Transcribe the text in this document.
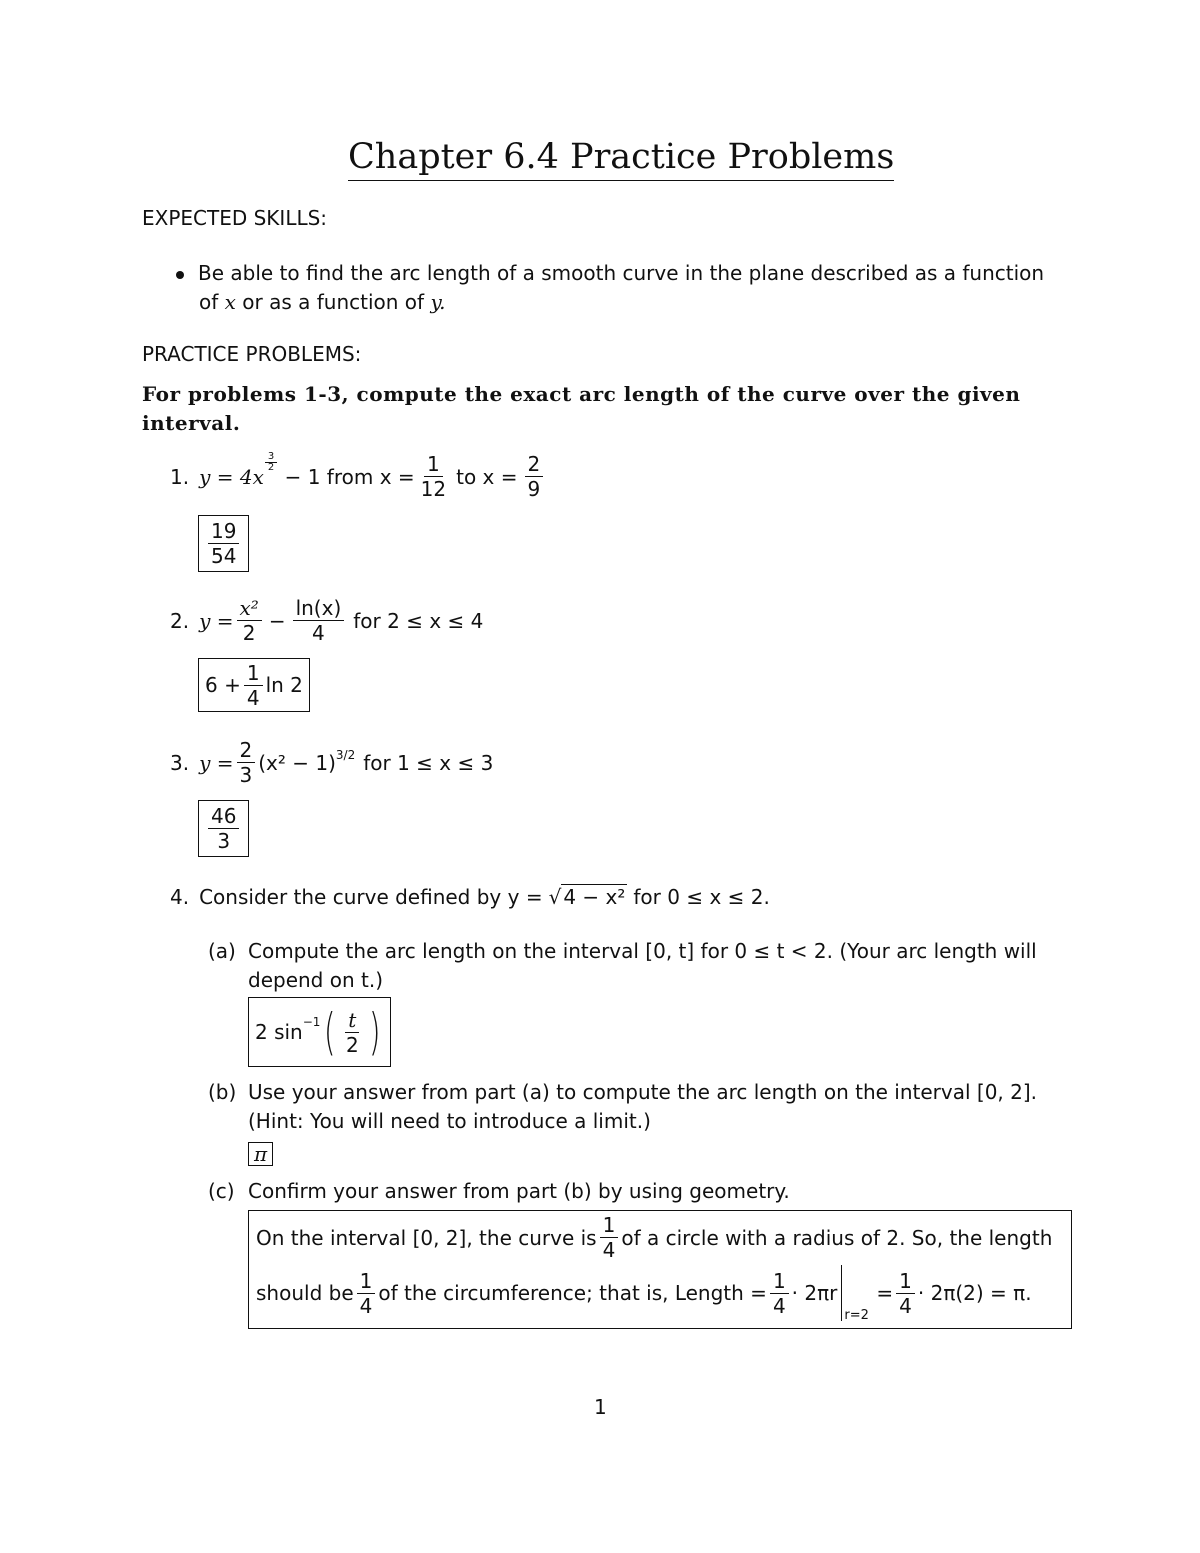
Chapter 6.4 Practice Problems
EXPECTED SKILLS:
Be able to find the arc length of a smooth curve in the plane described as a function
of x or as a function of y.
PRACTICE PROBLEMS:
For problems 1-3, compute the exact arc length of the curve over the given
interval.
1. y = 4x
$\frac{3}{2}$
− 1 from $x = \frac{1}{12}$ to $x = \frac{2}{9}$
$\frac{19}{54}$
2. $y = \frac{\text{x²}}{2} - \frac{\ln(x)}{4}$ for 2 ≤ x ≤ 4
$6 + \frac{1}{4}$ ln 2
3. $y = \frac{2}{3} (x^2 - 1)^{3/2}$ for 1 ≤ x ≤ 3
$\frac{46}{3}$
4. Consider the curve defined by y = √ 4 − x² for 0 ≤ x ≤ 2.
(a) Compute the arc length on the interval [0, t] for 0 ≤ t < 2. (Your arc length will
depend on t.)
2 $\sin^{-1}$ ( $\frac{t}{2}$ )
(b) Use your answer from part (a) to compute the arc length on the interval [0, 2].
(Hint: You will need to introduce a limit.)
π
(c) Confirm your answer from part (b) by using geometry.
On the interval [0, 2], the curve is $\frac{1}{4}$ of a circle with a radius of 2. So, the length
should be $\frac{1}{4}$ of the circumference; that is, Length = $\frac{1}{4} \cdot 2\pi r$
r=2
= $\frac{1}{4} \cdot 2\pi(2) = \pi$.
1
